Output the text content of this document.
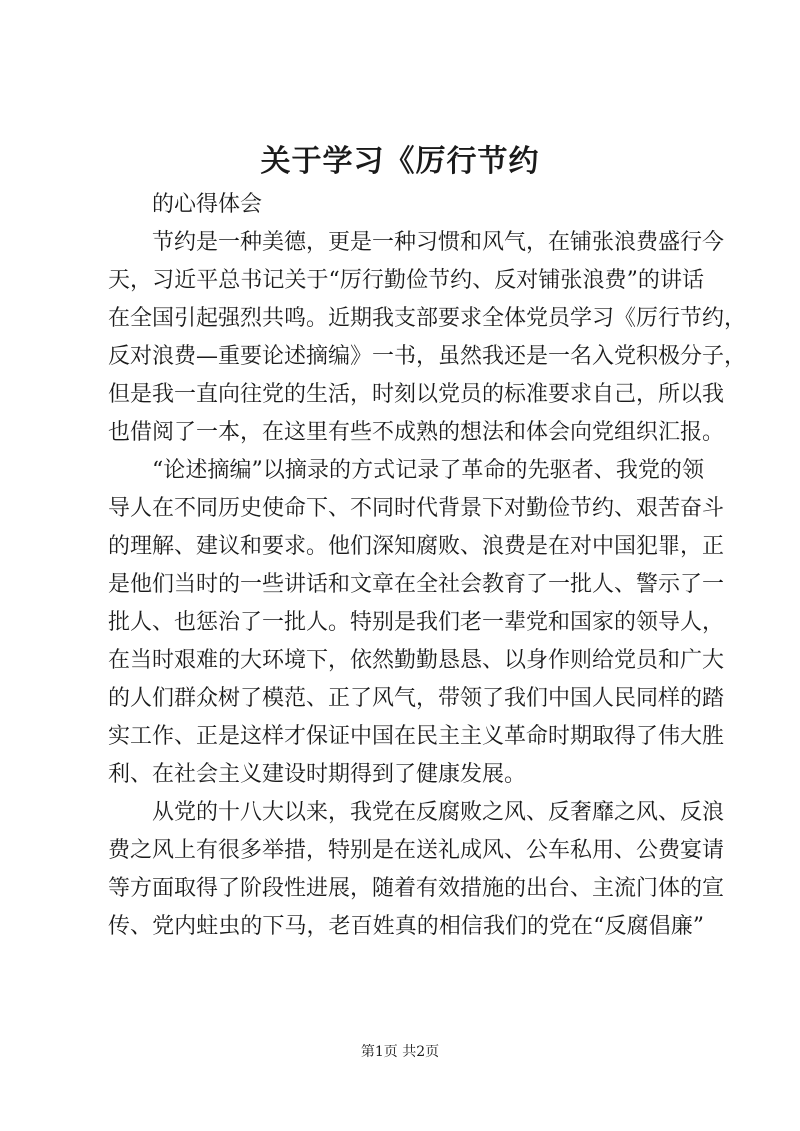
关于学习《厉行节约
的心得体会
节约是一种美德，更是一种习惯和风气，在铺张浪费盛行今
天，习近平总书记关于“厉行勤俭节约、反对铺张浪费”的讲话
在全国引起强烈共鸣。近期我支部要求全体党员学习《厉行节约，
反对浪费—重要论述摘编》一书，虽然我还是一名入党积极分子，
但是我一直向往党的生活，时刻以党员的标准要求自己，所以我
也借阅了一本，在这里有些不成熟的想法和体会向党组织汇报。
“论述摘编”以摘录的方式记录了革命的先驱者、我党的领
导人在不同历史使命下、不同时代背景下对勤俭节约、艰苦奋斗
的理解、建议和要求。他们深知腐败、浪费是在对中国犯罪，正
是他们当时的一些讲话和文章在全社会教育了一批人、警示了一
批人、也惩治了一批人。特别是我们老一辈党和国家的领导人，
在当时艰难的大环境下，依然勤勤恳恳、以身作则给党员和广大
的人们群众树了模范、正了风气，带领了我们中国人民同样的踏
实工作、正是这样才保证中国在民主主义革命时期取得了伟大胜
利、在社会主义建设时期得到了健康发展。
从党的十八大以来，我党在反腐败之风、反奢靡之风、反浪
费之风上有很多举措，特别是在送礼成风、公车私用、公费宴请
等方面取得了阶段性进展，随着有效措施的出台、主流门体的宣
传、党内蛀虫的下马，老百姓真的相信我们的党在“反腐倡廉”
第1页 共2页
